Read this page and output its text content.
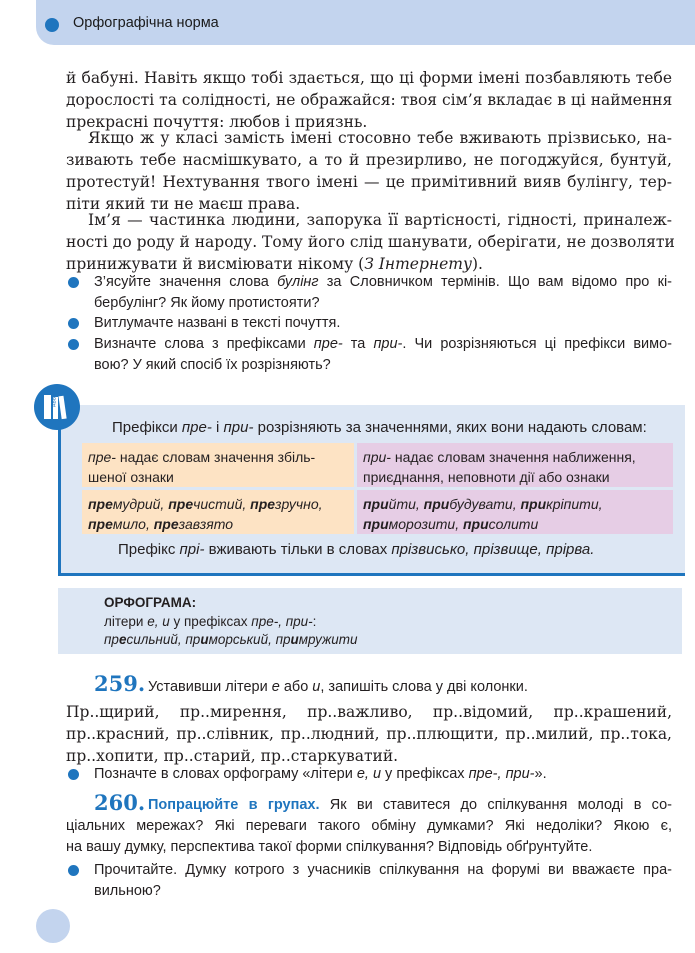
Орфографічна норма
й бабуні. Навіть якщо тобі здається, що ці форми імені позбавляють тебе
дорослості та солідності, не ображайся: твоя сім’я вкладає в ці наймення
прекрасні почуття: любов і приязнь.
Якщо ж у класі замість імені стосовно тебе вживають прізвисько, на-
зивають тебе насмішкувато, а то й презирливо, не погоджуйся, бунтуй,
протестуй! Нехтування твого імені — це примітивний вияв булінгу, тер-
піти який ти не маєш права.
Ім’я — частинка людини, запорука її вартісності, гідності, приналеж-
ності до роду й народу. Тому його слід шанувати, оберігати, не дозволяти
принижувати й висміювати нікому (З Інтернету).
З’ясуйте значення слова булінг за Словничком термінів. Що вам відомо про кі-
бербулінг? Як йому протистояти?
Витлумачте названі в тексті почуття.
Визначте слова з префіксами пре- та при-. Чи розрізняються ці префікси вимо-
вою? У який спосіб їх розрізняють?
АБВ
Префікси пре- і при- розрізняють за значеннями, яких вони надають словам:
пре- надає словам значення збіль-
шеної ознаки
при- надає словам значення наближення,
приєднання, неповноти дії або ознаки
премудрий, пречистий, презручно,
премило, презавзято
прийти, прибудувати, прикріпити,
приморозити, присолити
Префікс прі- вживають тільки в словах прізвисько, прізвище, прірва.
ОРФОГРАМА:
літери е, и у префіксах пре-, при-:
пресильний, приморський, примружити
259. Уставивши літери е або и, запишіть слова у дві колонки.
Пр..щирий, пр..мирення, пр..важливо, пр..відомий, пр..крашений,
пр..красний, пр..слівник, пр..людний, пр..плющити, пр..милий, пр..тока,
пр..хопити, пр..старий, пр..старкуватий.
Позначте в словах орфограму «літери е, и у префіксах пре-, при-».
260. Попрацюйте в групах. Як ви ставитеся до спілкування молоді в со-
ціальних мережах? Які переваги такого обміну думками? Які недоліки? Якою є,
на вашу думку, перспектива такої форми спілкування? Відповідь обґрунтуйте.
Прочитайте. Думку котрого з учасників спілкування на форумі ви вважаєте пра-
вильною?
